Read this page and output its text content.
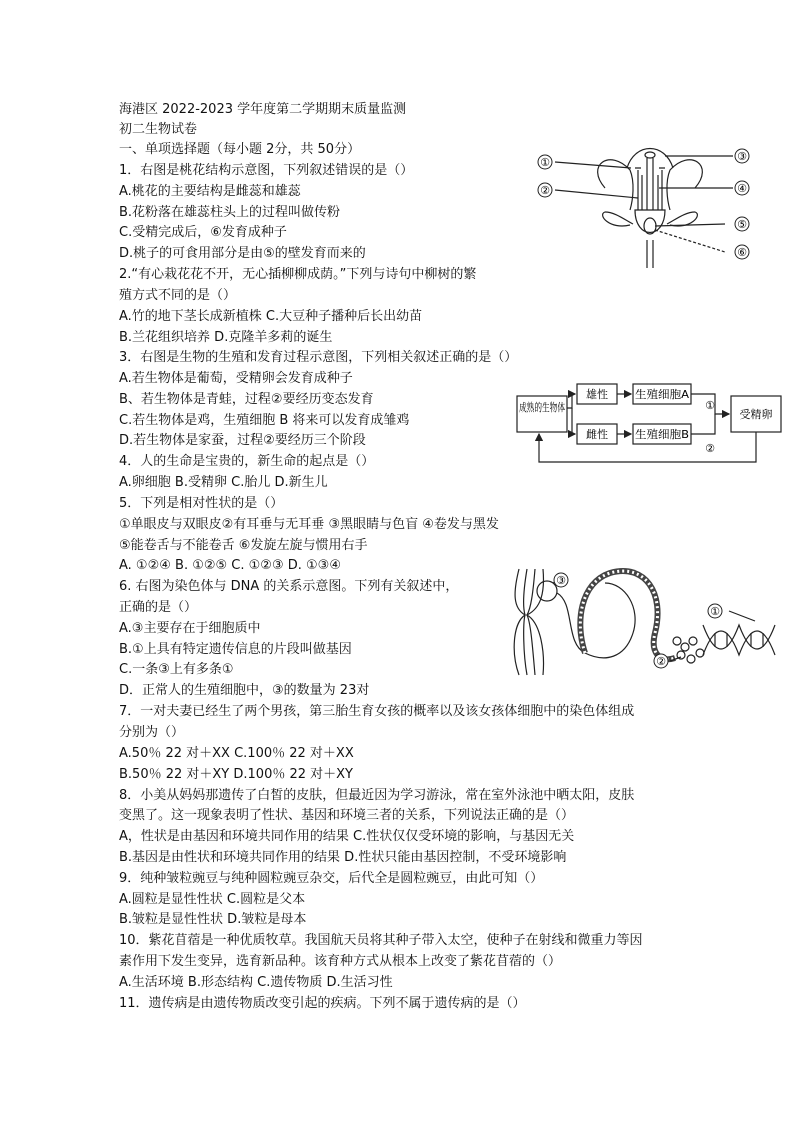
海港区 2022-2023 学年度第二学期期末质量监测
初二生物试卷
一、单项选择题（每小题 2分，共 50分）
1．右图是桃花结构示意图，下列叙述错误的是（）
A.桃花的主要结构是雌蕊和雄蕊
B.花粉落在雄蕊柱头上的过程叫做传粉
C.受精完成后，⑥发育成种子
D.桃子的可食用部分是由⑤的壁发育而来的
2.“有心栽花花不开，无心插柳柳成荫。”下列与诗句中柳树的繁
殖方式不同的是（）
A.竹的地下茎长成新植株 C.大豆种子播种后长出幼苗
B.兰花组织培养 D.克隆羊多莉的诞生
3．右图是生物的生殖和发育过程示意图，下列相关叙述正确的是（）
A.若生物体是葡萄，受精卵会发育成种子
B、若生物体是青蛙，过程②要经历变态发育
C.若生物体是鸡，生殖细胞 B 将来可以发育成雏鸡
D.若生物体是家蚕，过程②要经历三个阶段
4．人的生命是宝贵的，新生命的起点是（）
A.卵细胞 B.受精卵 C.胎儿 D.新生儿
5．下列是相对性状的是（）
①单眼皮与双眼皮②有耳垂与无耳垂 ③黑眼睛与色盲 ④卷发与黑发
⑤能卷舌与不能卷舌 ⑥发旋左旋与惯用右手
A. ①②④ B. ①②⑤ C. ①②③ D. ①③④
6. 右图为染色体与 DNA 的关系示意图。下列有关叙述中，
正确的是（）
A.③主要存在于细胞质中
B.①上具有特定遗传信息的片段叫做基因
C.一条③上有多条①
D．正常人的生殖细胞中，③的数量为 23对
7．一对夫妻已经生了两个男孩，第三胎生育女孩的概率以及该女孩体细胞中的染色体组成
分别为（）
A.50％ 22 对＋XX C.100％ 22 对＋XX
B.50％ 22 对＋XY D.100％ 22 对＋XY
8．小美从妈妈那遗传了白皙的皮肤，但最近因为学习游泳，常在室外泳池中晒太阳，皮肤
变黑了。这一现象表明了性状、基因和环境三者的关系，下列说法正确的是（）
A，性状是由基因和环境共同作用的结果 C.性状仅仅受环境的影响，与基因无关
B.基因是由性状和环境共同作用的结果 D.性状只能由基因控制，不受环境影响
9．纯种皱粒豌豆与纯种圆粒豌豆杂交，后代全是圆粒豌豆，由此可知（）
A.圆粒是显性性状 C.圆粒是父本
B.皱粒是显性性状 D.皱粒是母本
10．紫花苜蓿是一种优质牧草。我国航天员将其种子带入太空，使种子在射线和微重力等因
素作用下发生变异，选育新品种。该育种方式从根本上改变了紫花苜蓿的（）
A.生活环境 B.形态结构 C.遗传物质 D.生活习性
11．遗传病是由遗传物质改变引起的疾病。下列不属于遗传病的是（）
①
②
③
④
⑤
⑥
成熟的生物体
雄性
雌性
生殖细胞A
生殖细胞B
受精卵
①
②
①
②
③
